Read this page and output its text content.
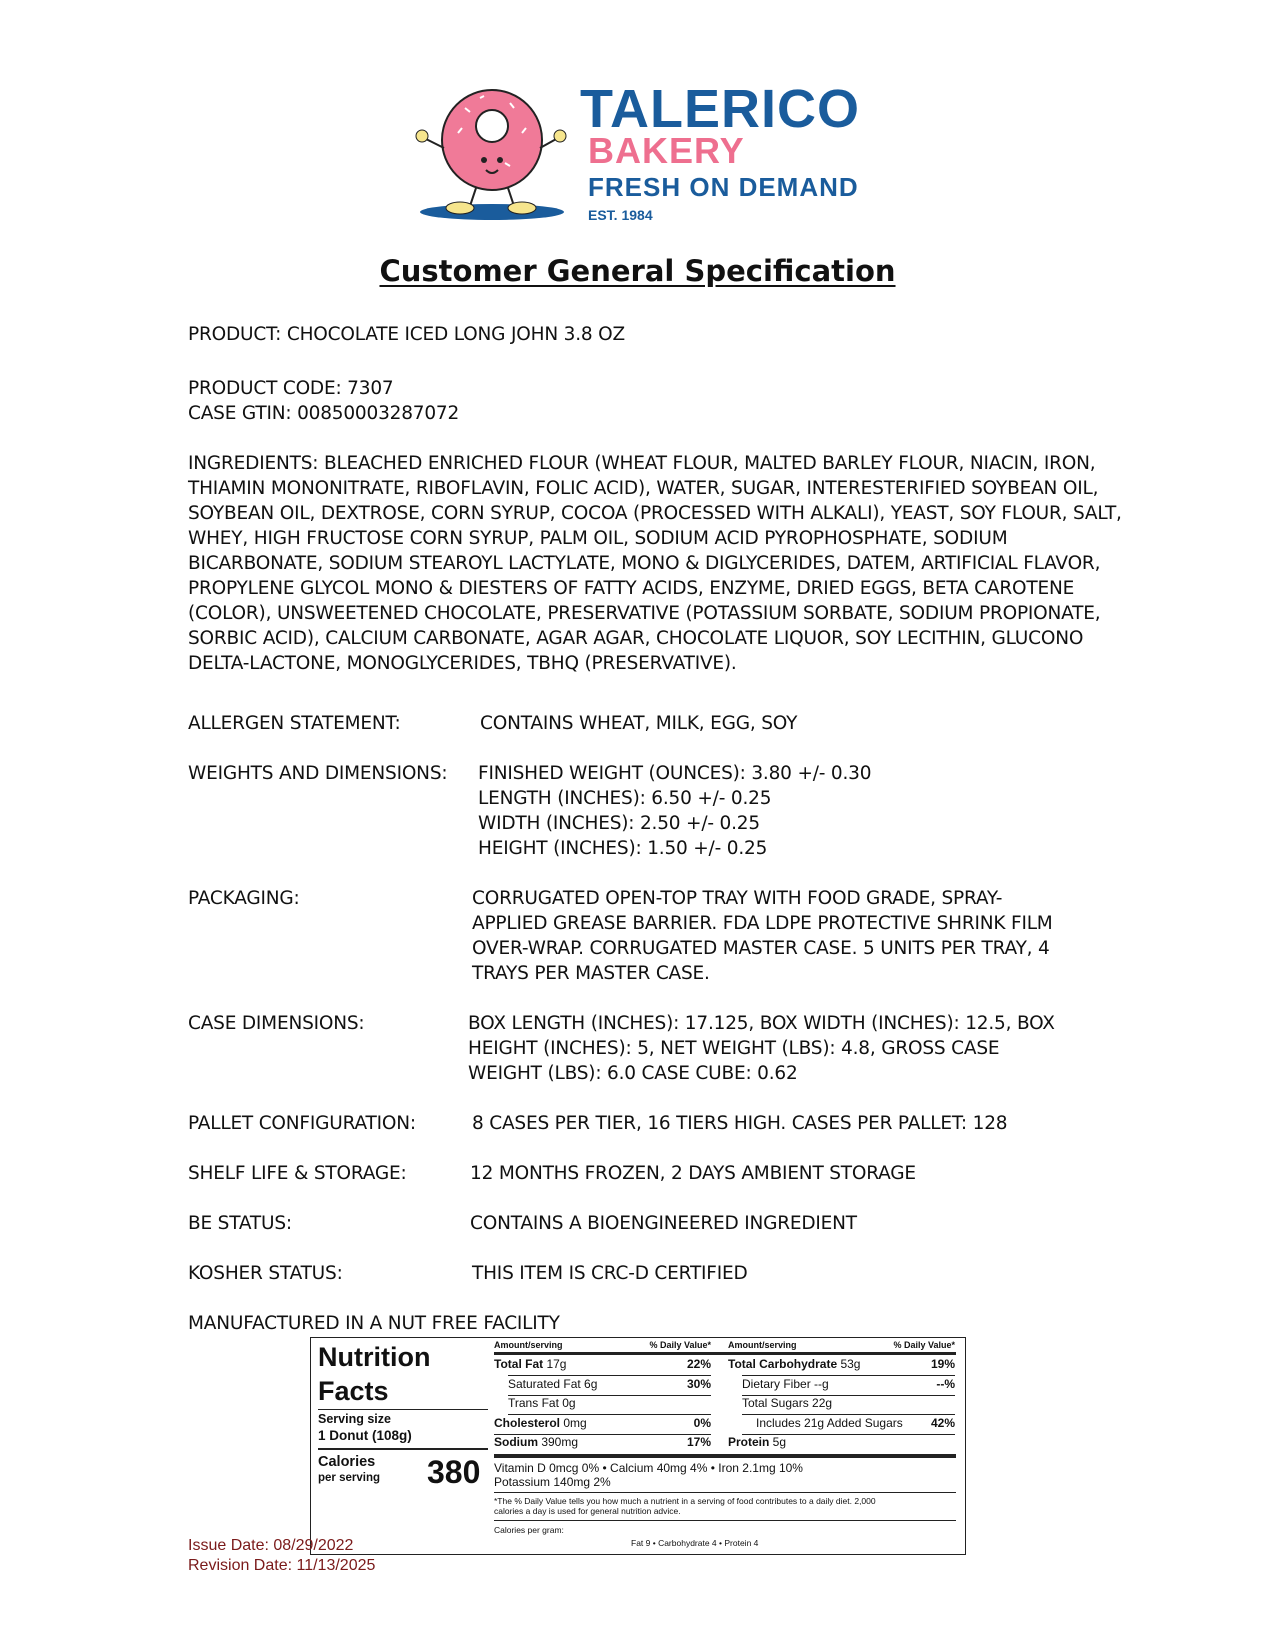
TALERICO
BAKERY
FRESH ON DEMAND
EST. 1984
Customer General Specification
PRODUCT: CHOCOLATE ICED LONG JOHN 3.8 OZ
PRODUCT CODE: 7307
CASE GTIN: 00850003287072
INGREDIENTS: BLEACHED ENRICHED FLOUR (WHEAT FLOUR, MALTED BARLEY FLOUR, NIACIN, IRON,
THIAMIN MONONITRATE, RIBOFLAVIN, FOLIC ACID), WATER, SUGAR, INTERESTERIFIED SOYBEAN OIL,
SOYBEAN OIL, DEXTROSE, CORN SYRUP, COCOA (PROCESSED WITH ALKALI), YEAST, SOY FLOUR, SALT,
WHEY, HIGH FRUCTOSE CORN SYRUP, PALM OIL, SODIUM ACID PYROPHOSPHATE, SODIUM
BICARBONATE, SODIUM STEAROYL LACTYLATE, MONO & DIGLYCERIDES, DATEM, ARTIFICIAL FLAVOR,
PROPYLENE GLYCOL MONO & DIESTERS OF FATTY ACIDS, ENZYME, DRIED EGGS, BETA CAROTENE
(COLOR), UNSWEETENED CHOCOLATE, PRESERVATIVE (POTASSIUM SORBATE, SODIUM PROPIONATE,
SORBIC ACID), CALCIUM CARBONATE, AGAR AGAR, CHOCOLATE LIQUOR, SOY LECITHIN, GLUCONO
DELTA-LACTONE, MONOGLYCERIDES, TBHQ (PRESERVATIVE).
ALLERGEN STATEMENT:	CONTAINS WHEAT, MILK, EGG, SOY
WEIGHTS AND DIMENSIONS: FINISHED WEIGHT (OUNCES): 3.80 +/- 0.30
LENGTH (INCHES): 6.50 +/- 0.25
WIDTH (INCHES): 2.50 +/- 0.25
HEIGHT (INCHES): 1.50 +/- 0.25
PACKAGING:	CORRUGATED OPEN-TOP TRAY WITH FOOD GRADE, SPRAY-
APPLIED GREASE BARRIER. FDA LDPE PROTECTIVE SHRINK FILM
OVER-WRAP. CORRUGATED MASTER CASE. 5 UNITS PER TRAY, 4
TRAYS PER MASTER CASE.
CASE DIMENSIONS:	BOX LENGTH (INCHES): 17.125, BOX WIDTH (INCHES): 12.5, BOX
HEIGHT (INCHES): 5, NET WEIGHT (LBS): 4.8, GROSS CASE
WEIGHT (LBS): 6.0 CASE CUBE: 0.62
PALLET CONFIGURATION:	8 CASES PER TIER, 16 TIERS HIGH. CASES PER PALLET: 128
SHELF LIFE & STORAGE:	12 MONTHS FROZEN, 2 DAYS AMBIENT STORAGE
BE STATUS:	CONTAINS A BIOENGINEERED INGREDIENT
KOSHER STATUS:	THIS ITEM IS CRC-D CERTIFIED
MANUFACTURED IN A NUT FREE FACILITY
Nutrition
Facts
Serving size
1 Donut (108g)
Calories
per serving 380
Amount/serving	% Daily Value* Amount/serving	% Daily Value*
Total Fat 17g	22%
Saturated Fat 6g	30%
Trans Fat 0g
Cholesterol 0mg	0%
Sodium 390mg	17%
Total Carbohydrate 53g	19%
Dietary Fiber --g	--%
Total Sugars 22g
Includes 21g Added Sugars 42%
Protein 5g
Vitamin D 0mcg 0% • Calcium 40mg 4% • Iron 2.1mg 10%
Potassium 140mg 2%
*The % Daily Value tells you how much a nutrient in a serving of food contributes to a daily diet. 2,000
calories a day is used for general nutrition advice.
Calories per gram:
Fat 9 • Carbohydrate 4 • Protein 4
Issue Date: 08/29/2022
Revision Date: 11/13/2025
